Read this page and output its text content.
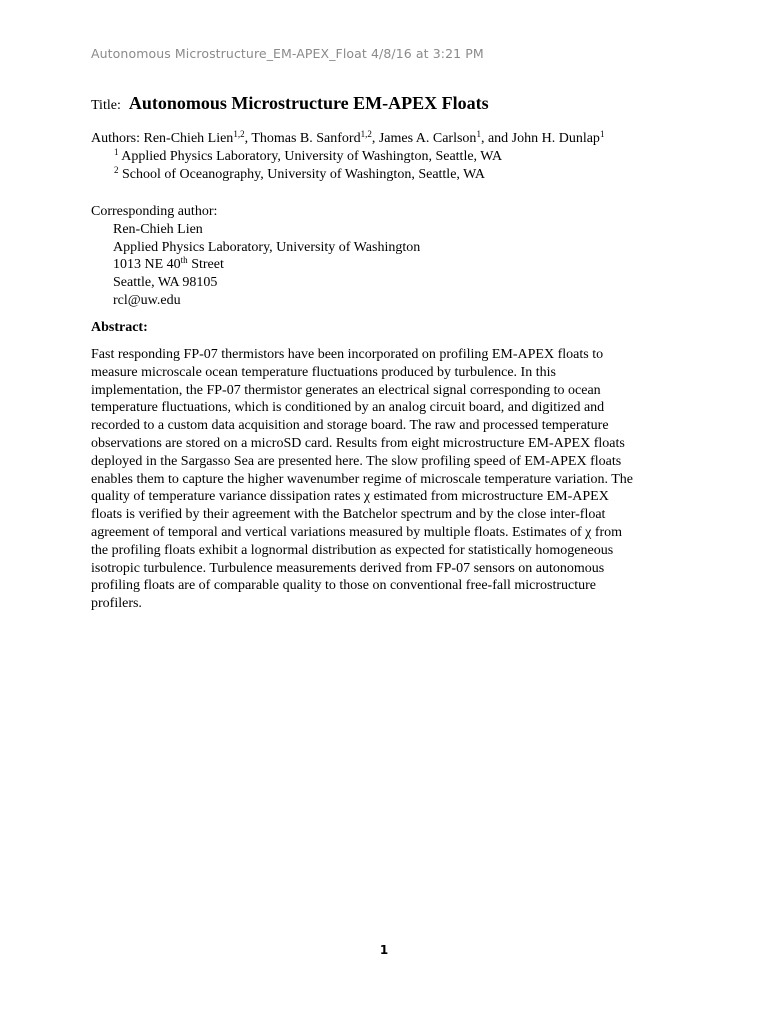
Autonomous Microstructure_EM-APEX_Float 4/8/16 at 3:21 PM
Title: Autonomous Microstructure EM-APEX Floats
Authors: Ren-Chieh Lien$^{1,2}$, Thomas B. Sanford$^{1,2}$, James A. Carlson$^1$, and John H. Dunlap$^1$
$^1$ Applied Physics Laboratory, University of Washington, Seattle, WA
$^2$ School of Oceanography, University of Washington, Seattle, WA
Corresponding author:
Ren-Chieh Lien
Applied Physics Laboratory, University of Washington
1013 NE 40th Street
Seattle, WA 98105
rcl@uw.edu
Abstract:
Fast responding FP-07 thermistors have been incorporated on profiling EM-APEX floats to
measure microscale ocean temperature fluctuations produced by turbulence. In this
implementation, the FP-07 thermistor generates an electrical signal corresponding to ocean
temperature fluctuations, which is conditioned by an analog circuit board, and digitized and
recorded to a custom data acquisition and storage board. The raw and processed temperature
observations are stored on a microSD card. Results from eight microstructure EM-APEX floats
deployed in the Sargasso Sea are presented here. The slow profiling speed of EM-APEX floats
enables them to capture the higher wavenumber regime of microscale temperature variation. The
quality of temperature variance dissipation rates χ estimated from microstructure EM-APEX
floats is verified by their agreement with the Batchelor spectrum and by the close inter-float
agreement of temporal and vertical variations measured by multiple floats. Estimates of χ from
the profiling floats exhibit a lognormal distribution as expected for statistically homogeneous
isotropic turbulence. Turbulence measurements derived from FP-07 sensors on autonomous
profiling floats are of comparable quality to those on conventional free-fall microstructure
profilers.
1
